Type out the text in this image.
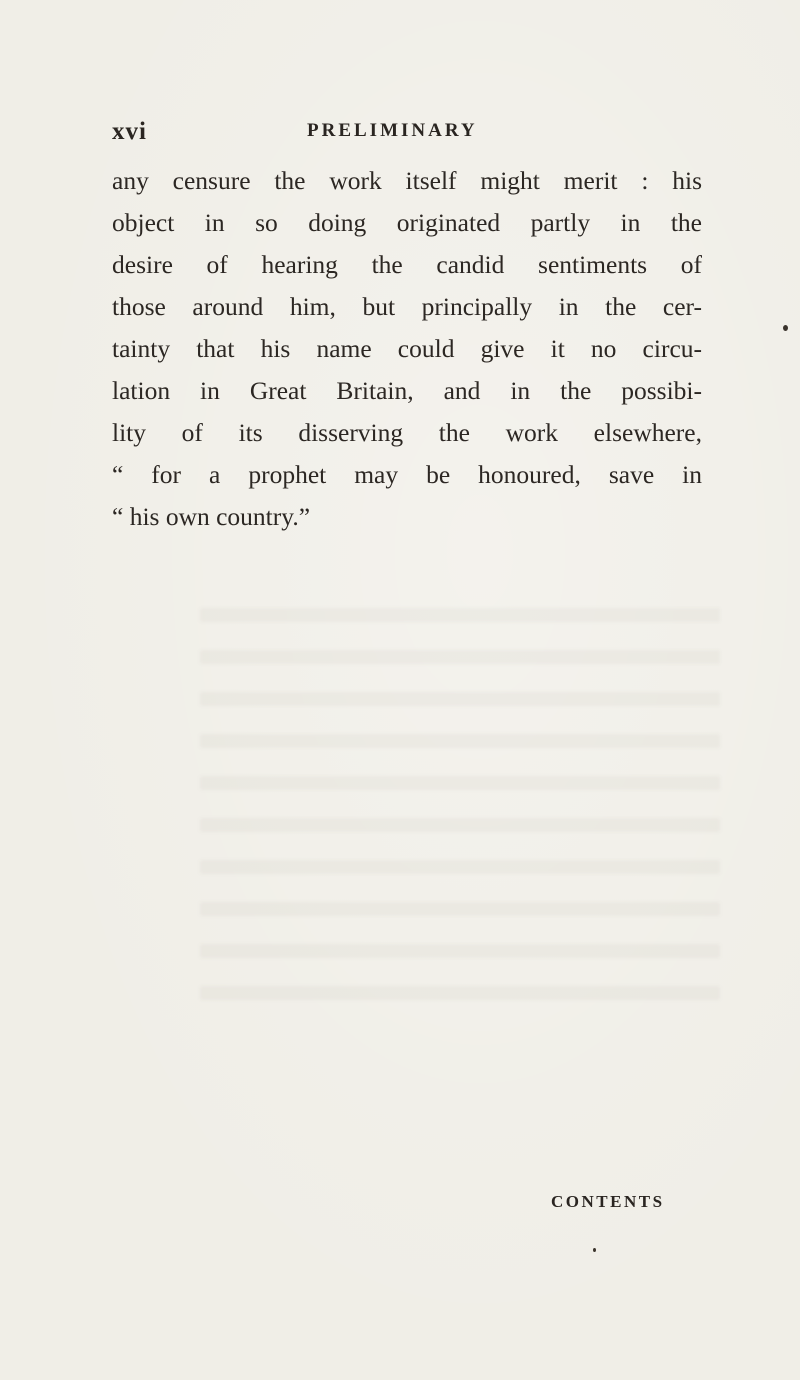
xvi	PRELIMINARY
any censure the work itself might merit : his
object in so doing originated partly in the
desire of hearing the candid sentiments of
those around him, but principally in the cer-
tainty that his name could give it no circu-
lation in Great Britain, and in the possibi-
lity of its disserving the work elsewhere,
“ for a prophet may be honoured, save in
“ his own country.”
CONTENTS
